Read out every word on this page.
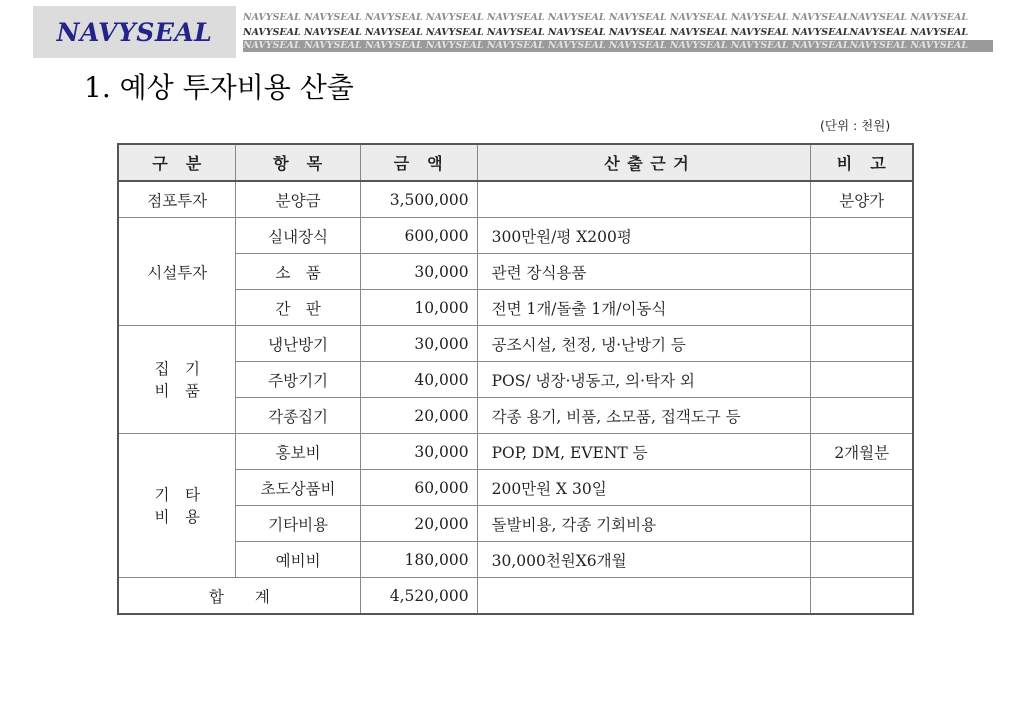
NAVYSEAL	NAVYSEAL NAVYSEAL NAVYSEAL NAVYSEAL NAVYSEAL NAVYSEAL NAVYSEAL NAVYSEAL NAVYSEAL NAVYSEALNAVYSEAL NAVYSEAL
NAVYSEAL NAVYSEAL NAVYSEAL NAVYSEAL NAVYSEAL NAVYSEAL NAVYSEAL NAVYSEAL NAVYSEAL NAVYSEALNAVYSEAL NAVYSEAL
NAVYSEAL NAVYSEAL NAVYSEAL NAVYSEAL NAVYSEAL NAVYSEAL NAVYSEAL NAVYSEAL NAVYSEAL NAVYSEALNAVYSEAL NAVYSEAL
1. 예상 투자비용 산출
(단위 : 천원)
구　분	항　목	금　액	산 출 근 거	비　고
점포투자	분양금	3,500,000		분양가
시설투자	실내장식	600,000	300만원/평 X200평	
	소　품	30,000	관련 장식용품	
	간　판	10,000	전면 1개/돌출 1개/이동식	

집　기
비　품	냉난방기	30,000	공조시설, 천정, 냉·난방기 등	
	주방기기	40,000	POS/ 냉장·냉동고, 의·탁자 외	
	각종집기	20,000	각종 용기, 비품, 소모품, 접객도구 등	

기　타
비　용	홍보비	30,000	POP, DM, EVENT 등	2개월분
	초도상품비	60,000	200만원 X 30일	
	기타비용	20,000	돌발비용, 각종 기회비용	
	예비비	180,000	30,000천원X6개월	
합　　계		4,520,000		
